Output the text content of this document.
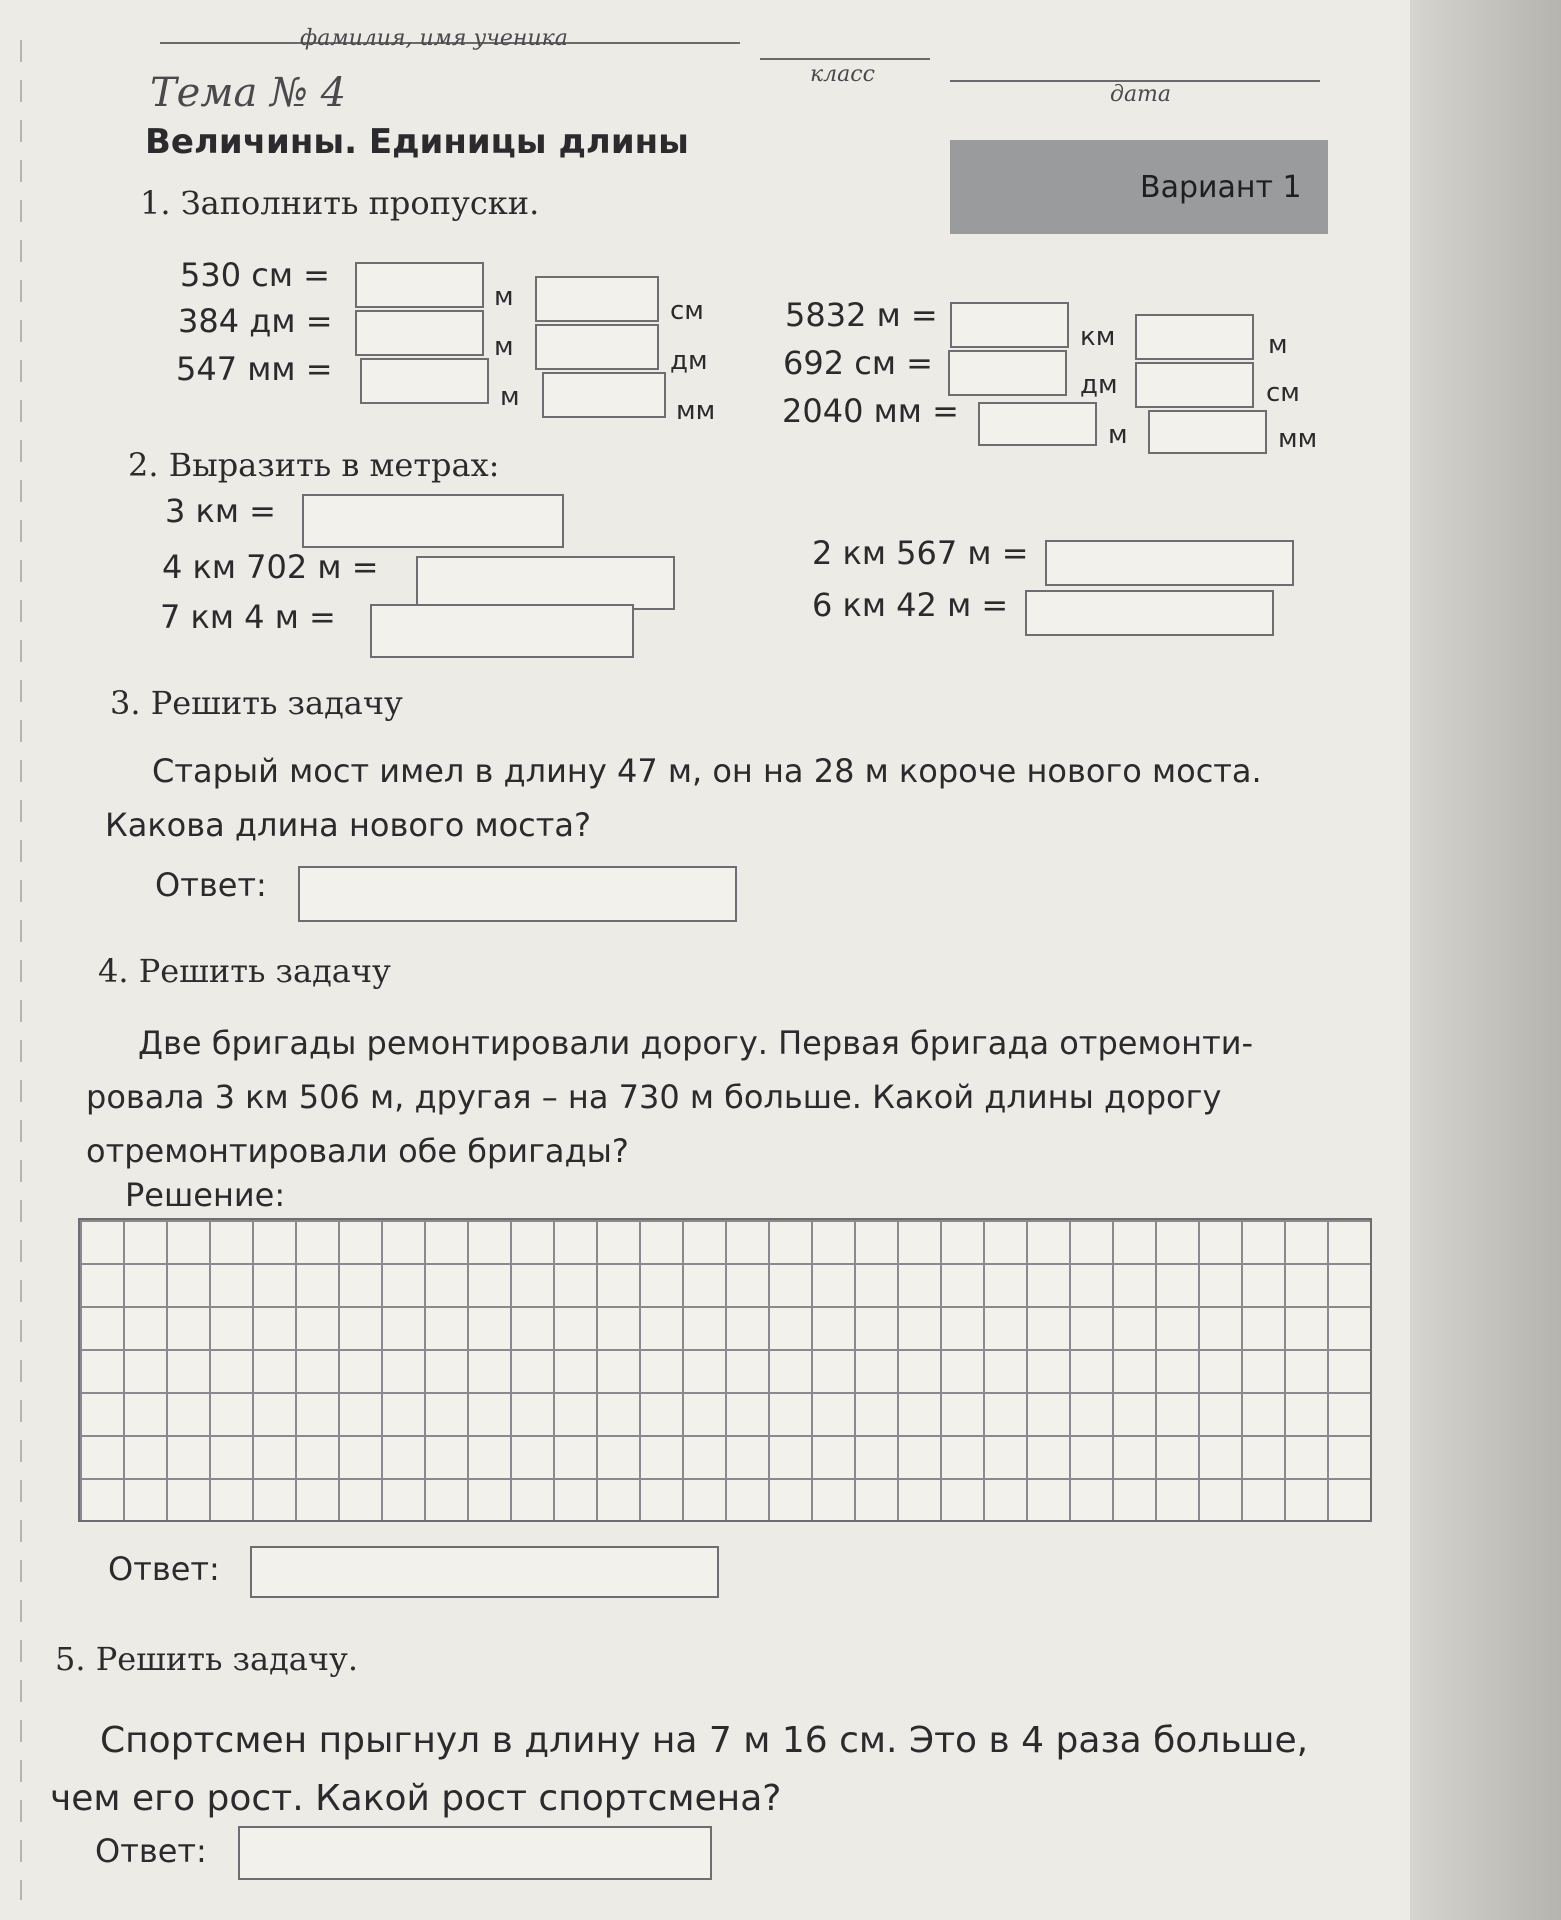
фамилия, имя ученика
класс
дата
Тема № 4
Величины. Единицы длины
Вариант 1
1. Заполнить пропуски.
530 см =
м	см
384 дм =
м	дм
547 мм =
м	мм
5832 м =
км	м
692 см =
дм	см
2040 мм =
м	мм
2. Выразить в метрах:
3 км =
4 км 702 м =
7 км 4 м =
2 км 567 м =
6 км 42 м =
3. Решить задачу
Старый мост имел в длину 47 м, он на 28 м короче нового моста.
Какова длина нового моста?
Ответ:
4. Решить задачу
Две бригады ремонтировали дорогу. Первая бригада отремонти-
ровала 3 км 506 м, другая – на 730 м больше. Какой длины дорогу
отремонтировали обе бригады?
Решение:
Ответ:
5. Решить задачу.
Спортсмен прыгнул в длину на 7 м 16 см. Это в 4 раза больше,
чем его рост. Какой рост спортсмена?
Ответ:
